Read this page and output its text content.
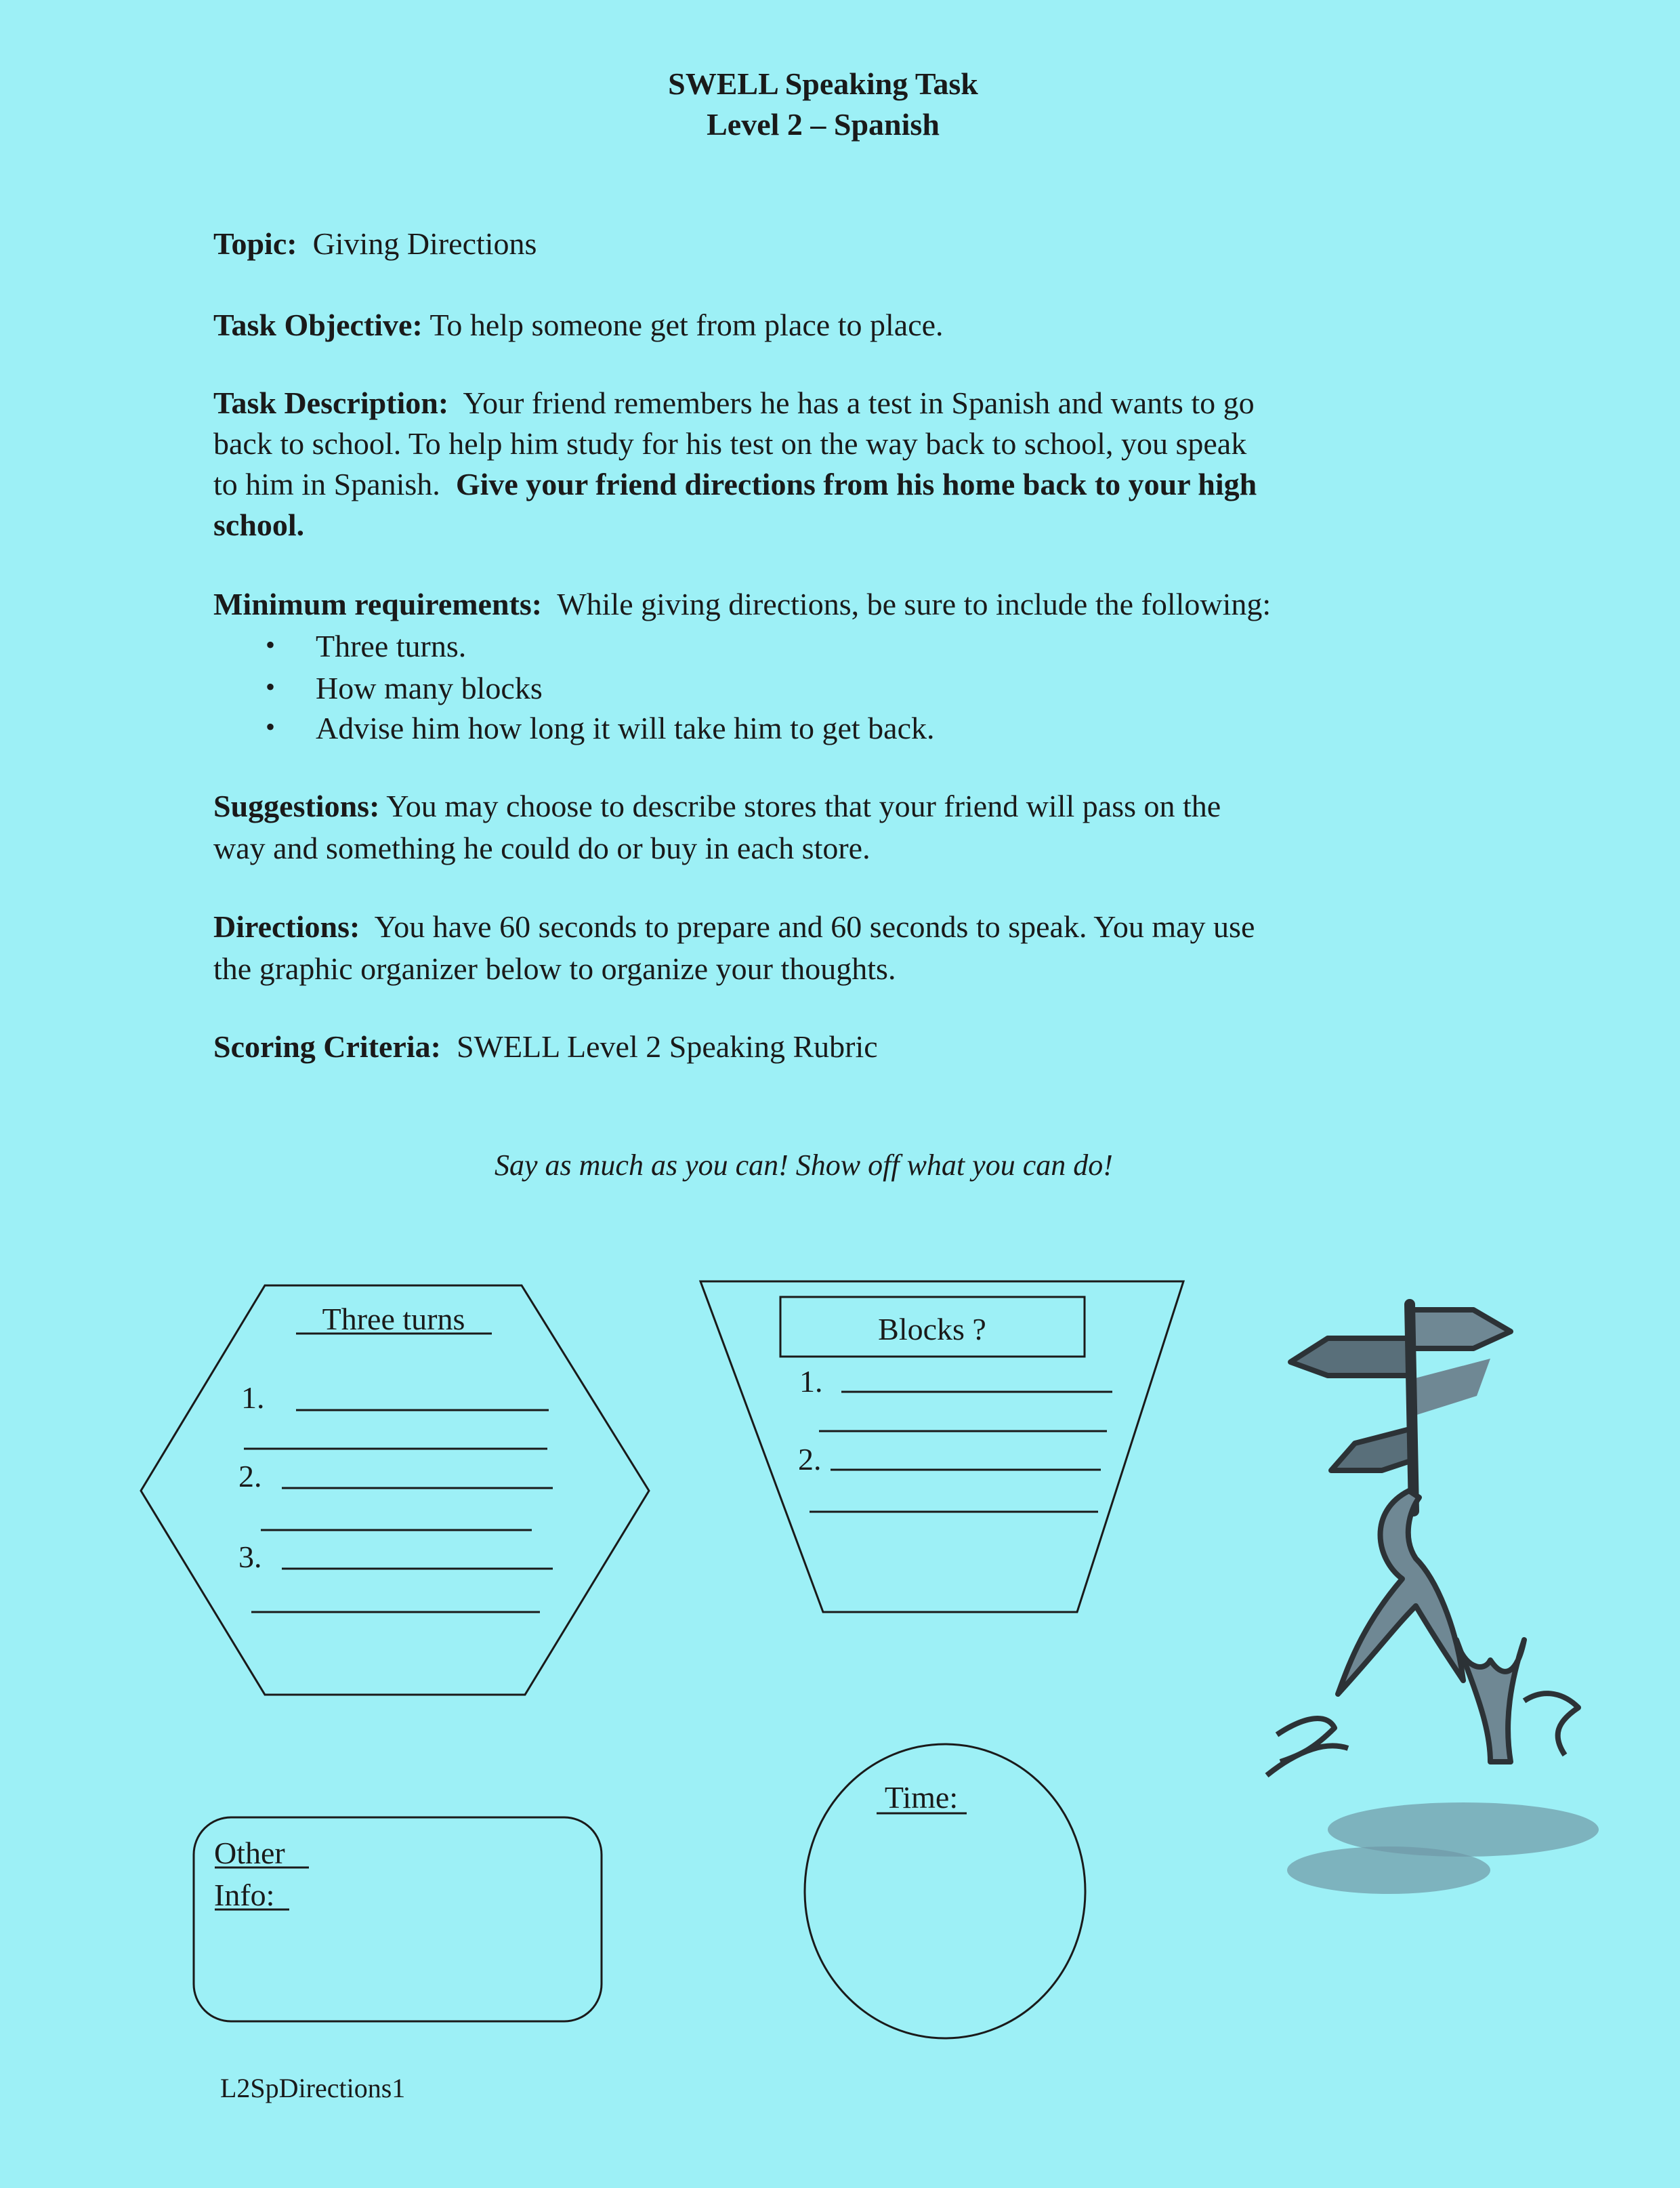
SWELL Speaking Task
Level 2 – Spanish
Topic: Giving Directions
Task Objective: To help someone get from place to place.
Task Description: Your friend remembers he has a test in Spanish and wants to go
back to school. To help him study for his test on the way back to school, you speak
to him in Spanish. Give your friend directions from his home back to your high
school.
Minimum requirements: While giving directions, be sure to include the following:
• Three turns.
• How many blocks
• Advise him how long it will take him to get back.
Suggestions: You may choose to describe stores that your friend will pass on the
way and something he could do or buy in each store.
Directions: You have 60 seconds to prepare and 60 seconds to speak. You may use
the graphic organizer below to organize your thoughts.
Scoring Criteria: SWELL Level 2 Speaking Rubric
Say as much as you can! Show off what you can do!
L2SpDirections1
Three turns
1.
2.
3.
Blocks ?
1.
2.
Time:
Other
Info:
